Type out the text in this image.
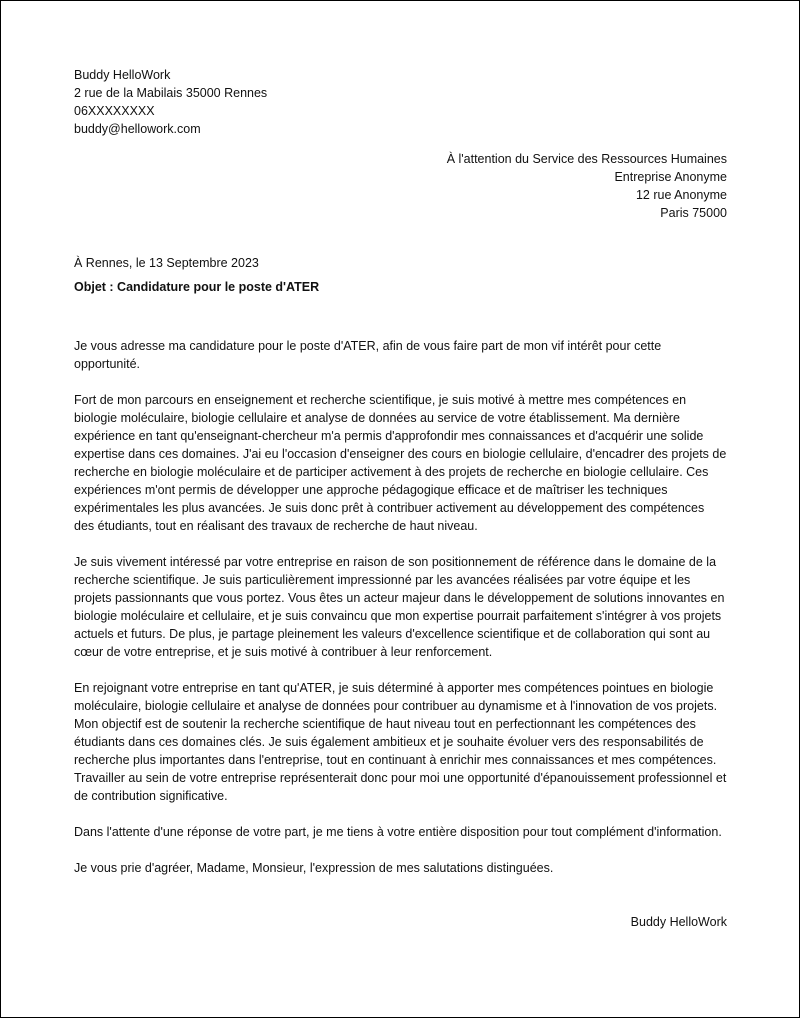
Buddy HelloWork
2 rue de la Mabilais 35000 Rennes
06XXXXXXXX
buddy@hellowork.com
À l'attention du Service des Ressources Humaines
Entreprise Anonyme
12 rue Anonyme
Paris 75000
À Rennes, le 13 Septembre 2023
Objet : Candidature pour le poste d'ATER

Je vous adresse ma candidature pour le poste d'ATER, afin de vous faire part de mon vif intérêt pour cette opportunité.

Fort de mon parcours en enseignement et recherche scientifique, je suis motivé à mettre mes compétences en biologie moléculaire, biologie cellulaire et analyse de données au service de votre établissement. Ma dernière expérience en tant qu'enseignant-chercheur m'a permis d'approfondir mes connaissances et d'acquérir une solide expertise dans ces domaines. J'ai eu l'occasion d'enseigner des cours en biologie cellulaire, d'encadrer des projets de recherche en biologie moléculaire et de participer activement à des projets de recherche en biologie cellulaire. Ces expériences m'ont permis de développer une approche pédagogique efficace et de maîtriser les techniques expérimentales les plus avancées. Je suis donc prêt à contribuer activement au développement des compétences des étudiants, tout en réalisant des travaux de recherche de haut niveau.

Je suis vivement intéressé par votre entreprise en raison de son positionnement de référence dans le domaine de la recherche scientifique. Je suis particulièrement impressionné par les avancées réalisées par votre équipe et les projets passionnants que vous portez. Vous êtes un acteur majeur dans le développement de solutions innovantes en biologie moléculaire et cellulaire, et je suis convaincu que mon expertise pourrait parfaitement s'intégrer à vos projets actuels et futurs. De plus, je partage pleinement les valeurs d'excellence scientifique et de collaboration qui sont au cœur de votre entreprise, et je suis motivé à contribuer à leur renforcement.

En rejoignant votre entreprise en tant qu'ATER, je suis déterminé à apporter mes compétences pointues en biologie moléculaire, biologie cellulaire et analyse de données pour contribuer au dynamisme et à l'innovation de vos projets. Mon objectif est de soutenir la recherche scientifique de haut niveau tout en perfectionnant les compétences des étudiants dans ces domaines clés. Je suis également ambitieux et je souhaite évoluer vers des responsabilités de recherche plus importantes dans l'entreprise, tout en continuant à enrichir mes connaissances et mes compétences. Travailler au sein de votre entreprise représenterait donc pour moi une opportunité d'épanouissement professionnel et de contribution significative.

Dans l'attente d'une réponse de votre part, je me tiens à votre entière disposition pour tout complément d'information.

Je vous prie d'agréer, Madame, Monsieur, l'expression de mes salutations distinguées.

Buddy HelloWork
